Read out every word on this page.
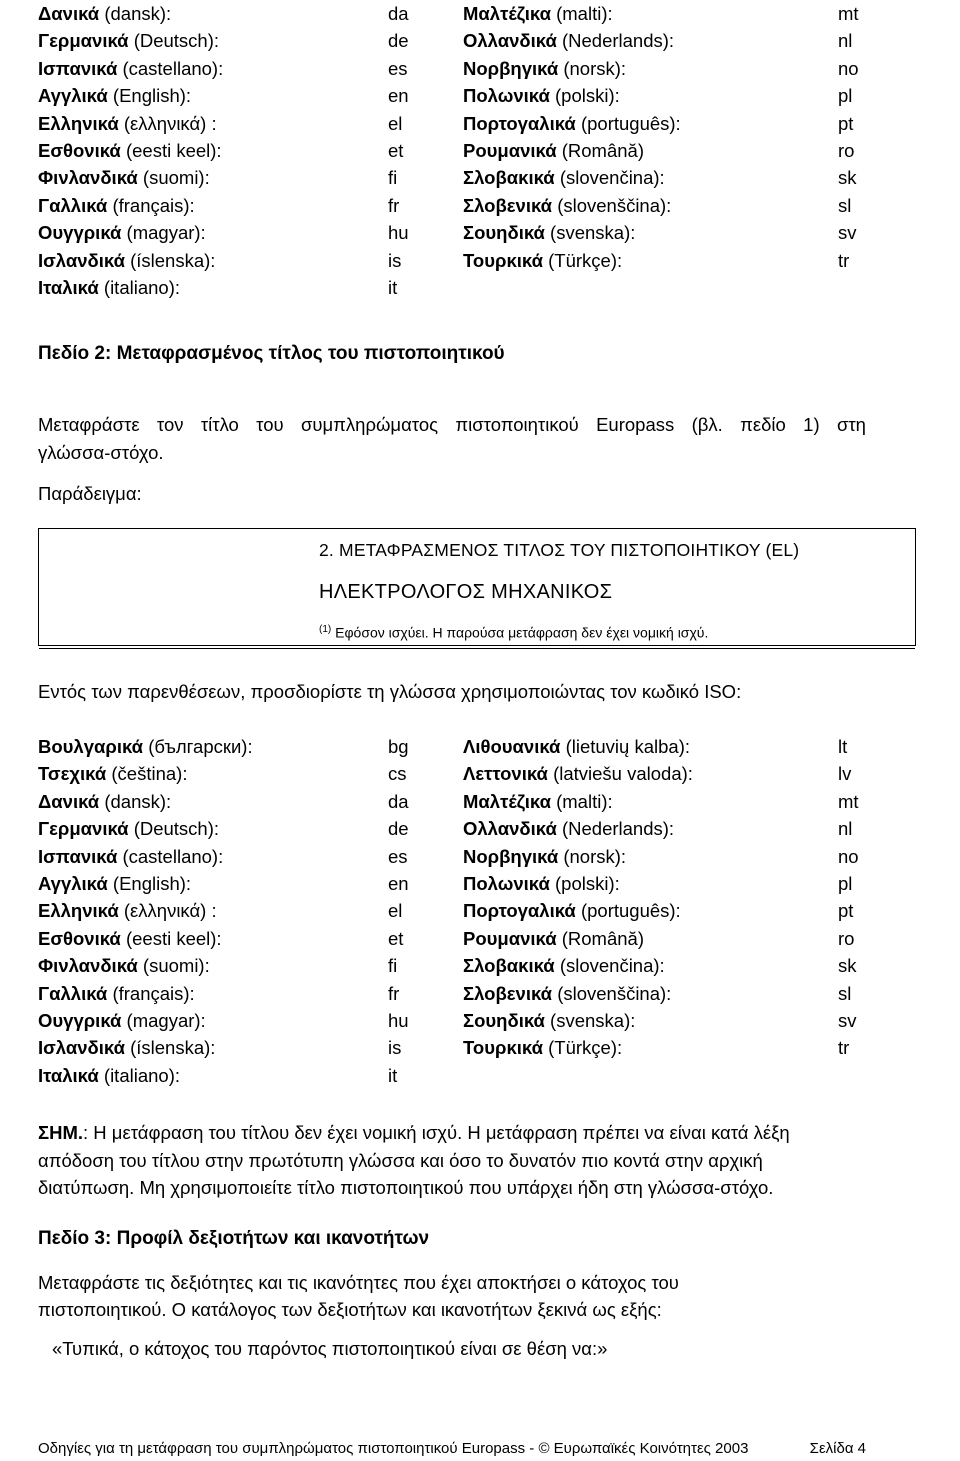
Δανικά (dansk):	da	Μαλτέζικα (malti):	mt
Γερμανικά (Deutsch):	de	Ολλανδικά (Nederlands):	nl
Ισπανικά (castellano):	es	Νορβηγικά (norsk):	no
Αγγλικά (English):	en	Πολωνικά (polski):	pl
Ελληνικά (ελληνικά) :	el	Πορτογαλικά (português):	pt
Εσθονικά (eesti keel):	et	Ρουμανικά (Română)	ro
Φινλανδικά (suomi):	fi	Σλοβακικά (slovenčina):	sk
Γαλλικά (français):	fr	Σλοβενικά (slovenščina):	sl
Ουγγρικά (magyar):	hu	Σουηδικά (svenska):	sv
Ισλανδικά (íslenska):	is	Τουρκικά (Türkçe):	tr
Ιταλικά (italiano):	it
Πεδίο 2: Μεταφρασμένος τίτλος του πιστοποιητικού
Μεταφράστε τον τίτλο του συμπληρώματος πιστοποιητικού Europass (βλ. πεδίο 1) στη
γλώσσα-στόχο.
Παράδειγμα:
2. ΜΕΤΑΦΡΑΣΜΕΝΟΣ ΤΙΤΛΟΣ ΤΟΥ ΠΙΣΤΟΠΟΙΗΤΙΚΟΥ (EL)
ΗΛΕΚΤΡΟΛΟΓΟΣ ΜΗΧΑΝΙΚΟΣ
$^{(1)}$ Εφόσον ισχύει. Η παρούσα μετάφραση δεν έχει νομική ισχύ.
Εντός των παρενθέσεων, προσδιορίστε τη γλώσσα χρησιμοποιώντας τον κωδικό ISO:
Βουλγαρικά (български):	bg	Λιθουανικά (lietuvių kalba):	lt
Τσεχικά (čeština):	cs	Λεττονικά (latviešu valoda):	lv
Δανικά (dansk):	da	Μαλτέζικα (malti):	mt
Γερμανικά (Deutsch):	de	Ολλανδικά (Nederlands):	nl
Ισπανικά (castellano):	es	Νορβηγικά (norsk):	no
Αγγλικά (English):	en	Πολωνικά (polski):	pl
Ελληνικά (ελληνικά) :	el	Πορτογαλικά (português):	pt
Εσθονικά (eesti keel):	et	Ρουμανικά (Română)	ro
Φινλανδικά (suomi):	fi	Σλοβακικά (slovenčina):	sk
Γαλλικά (français):	fr	Σλοβενικά (slovenščina):	sl
Ουγγρικά (magyar):	hu	Σουηδικά (svenska):	sv
Ισλανδικά (íslenska):	is	Τουρκικά (Türkçe):	tr
Ιταλικά (italiano):	it
ΣΗΜ.: Η μετάφραση του τίτλου δεν έχει νομική ισχύ. Η μετάφραση πρέπει να είναι κατά λέξη
απόδοση του τίτλου στην πρωτότυπη γλώσσα και όσο το δυνατόν πιο κοντά στην αρχική
διατύπωση. Μη χρησιμοποιείτε τίτλο πιστοποιητικού που υπάρχει ήδη στη γλώσσα-στόχο.
Πεδίο 3: Προφίλ δεξιοτήτων και ικανοτήτων
Μεταφράστε τις δεξιότητες και τις ικανότητες που έχει αποκτήσει ο κάτοχος του
πιστοποιητικού. Ο κατάλογος των δεξιοτήτων και ικανοτήτων ξεκινά ως εξής:
«Τυπικά, ο κάτοχος του παρόντος πιστοποιητικού είναι σε θέση να:»
Οδηγίες για τη μετάφραση του συμπληρώματος πιστοποιητικού Europass - © Ευρωπαϊκές Κοινότητες 2003	Σελίδα 4
